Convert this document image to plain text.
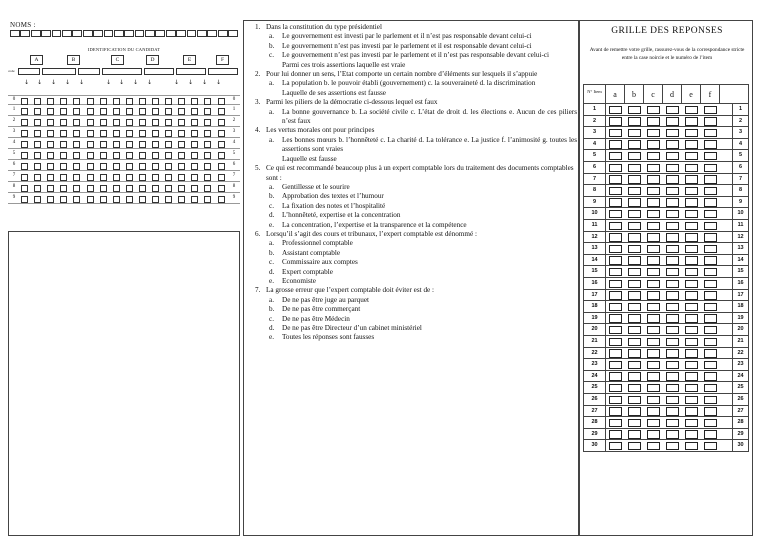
NOMS :
IDENTIFICATION DU CANDIDAT
A	B	C	D	E	F
code
↓ ↓ ↓ ↓ ↓	↓ ↓ ↓ ↓	↓ ↓ ↓ ↓
0	0
1	1
2	2
3	3
4	4
5	5
6	6
7	7
8	8
9	9
1. Dans la constitution du type présidentiel
a. Le gouvernement est investi par le parlement et il n’est pas responsable devant celui-ci
b. Le gouvernement n’est pas investi par le parlement et il est responsable devant celui-ci
c. Le gouvernement n’est pas investi par le parlement et il n’est pas responsable devant celui-ci
Parmi ces trois assertions laquelle est vraie
2. Pour lui donner un sens, l’Etat comporte un certain nombre d’éléments sur lesquels il s’appuie
a. La population b. le pouvoir établi (gouvernement) c. la souveraineté d. la discrimination
Laquelle de ses assertions est fausse
3. Parmi les piliers de la démocratie ci-dessous lequel est faux
a. La bonne gouvernance b. La société civile c. L’état de droit d. les élections e. Aucun de ces piliers n’est faux
4. Les vertus morales ont pour principes
a. Les bonnes mœurs b. l’honnêteté c. La charité d. La tolérance e. La justice f. l’animosité g. toutes les assertions sont vraies
Laquelle est fausse
5. Ce qui est recommandé beaucoup plus à un expert comptable lors du traitement des documents comptables sont :
a. Gentillesse et le sourire
b. Approbation des textes et l’humour
c. La fixation des notes et l’hospitalité
d. L’honnêteté, expertise et la concentration
e. La concentration, l’expertise et la transparence et la compétence
6. Lorsqu’il s’agit des cours et tribunaux, l’expert comptable est dénommé :
a. Professionnel comptable
b. Assistant comptable
c. Commissaire aux comptes
d. Expert comptable
e. Economiste
7. La grosse erreur que l’expert comptable doit éviter est de :
a. De ne pas être juge au parquet
b. De ne pas être commerçant
c. De ne pas être Médecin
d. De ne pas être Directeur d’un cabinet ministériel
e. Toutes les réponses sont fausses
GRILLE DES REPONSES
Avant de remettre votre grille, rassurez-vous de la correspondance stricte entre la case noircie et le numéro de l’item
N° Item	a	b	c	d	e	f
1	1
2	2
3	3
4	4
5	5
6	6
7	7
8	8
9	9
10	10
11	11
12	12
13	13
14	14
15	15
16	16
17	17
18	18
19	19
20	20
21	21
22	22
23	23
24	24
25	25
26	26
27	27
28	28
29	29
30	30
